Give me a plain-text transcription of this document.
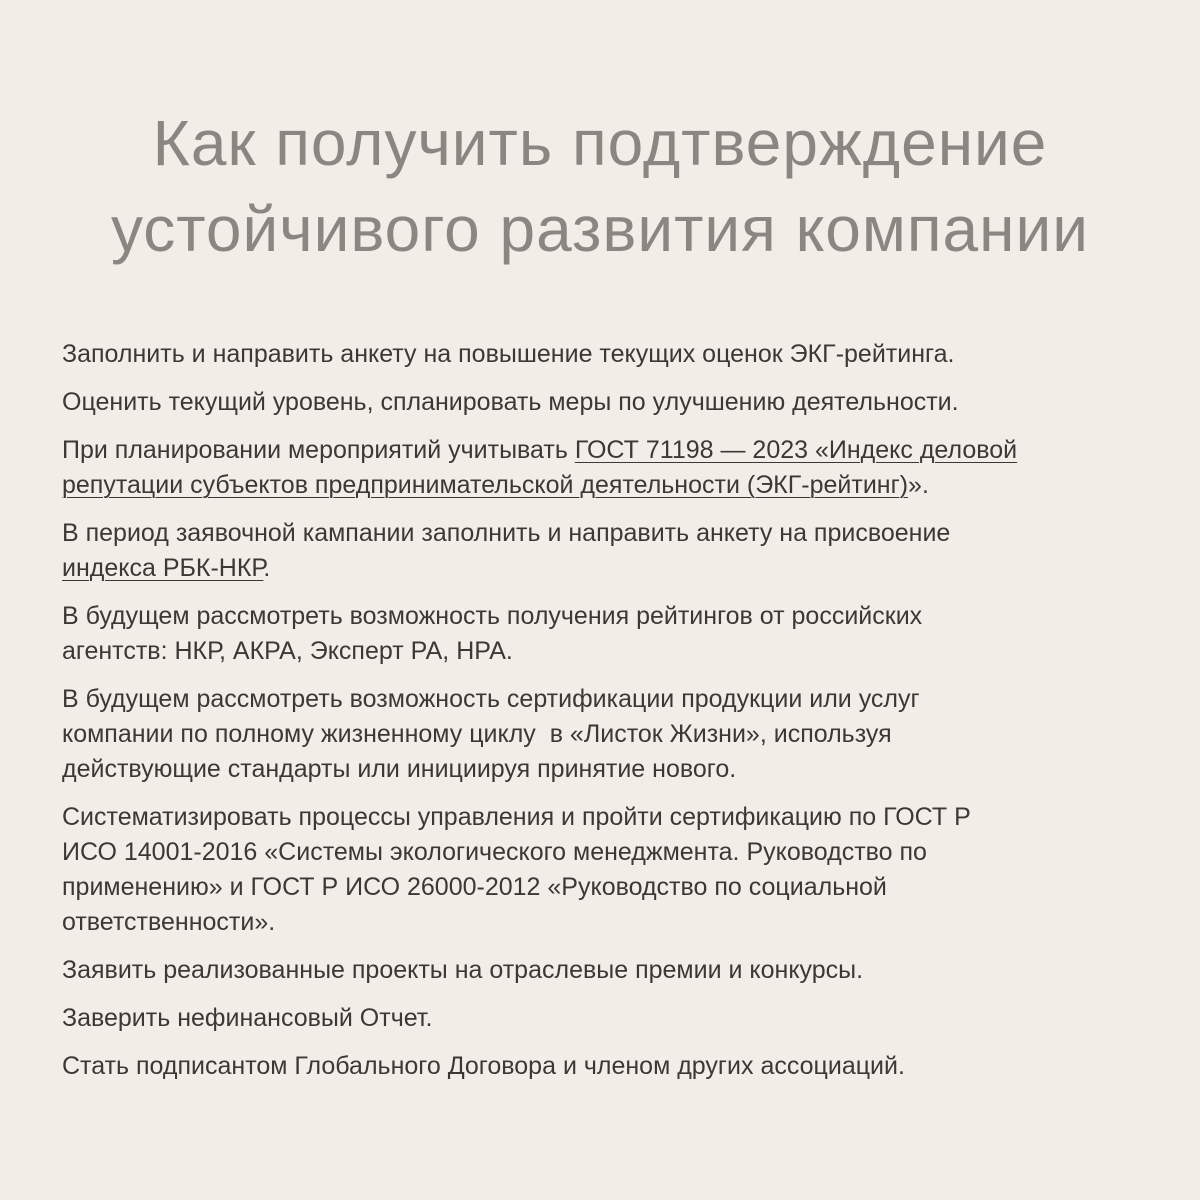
Как получить подтверждение
устойчивого развития компании

Заполнить и направить анкету на повышение текущих оценок ЭКГ-рейтинга.

Оценить текущий уровень, спланировать меры по улучшению деятельности.

При планировании мероприятий учитывать ГОСТ 71198 — 2023 «Индекс деловой
репутации субъектов предпринимательской деятельности (ЭКГ-рейтинг)».

В период заявочной кампании заполнить и направить анкету на присвоение
индекса РБК-НКР.

В будущем рассмотреть возможность получения рейтингов от российских
агентств: НКР, АКРА, Эксперт РА, НРА.

В будущем рассмотреть возможность сертификации продукции или услуг
компании по полному жизненному циклу  в «Листок Жизни», используя
действующие стандарты или инициируя принятие нового.

Систематизировать процессы управления и пройти сертификацию по ГОСТ Р
ИСО 14001-2016 «Системы экологического менеджмента. Руководство по
применению» и ГОСТ Р ИСО 26000-2012 «Руководство по социальной
ответственности».

Заявить реализованные проекты на отраслевые премии и конкурсы.

Заверить нефинансовый Отчет.

Стать подписантом Глобального Договора и членом других ассоциаций.
